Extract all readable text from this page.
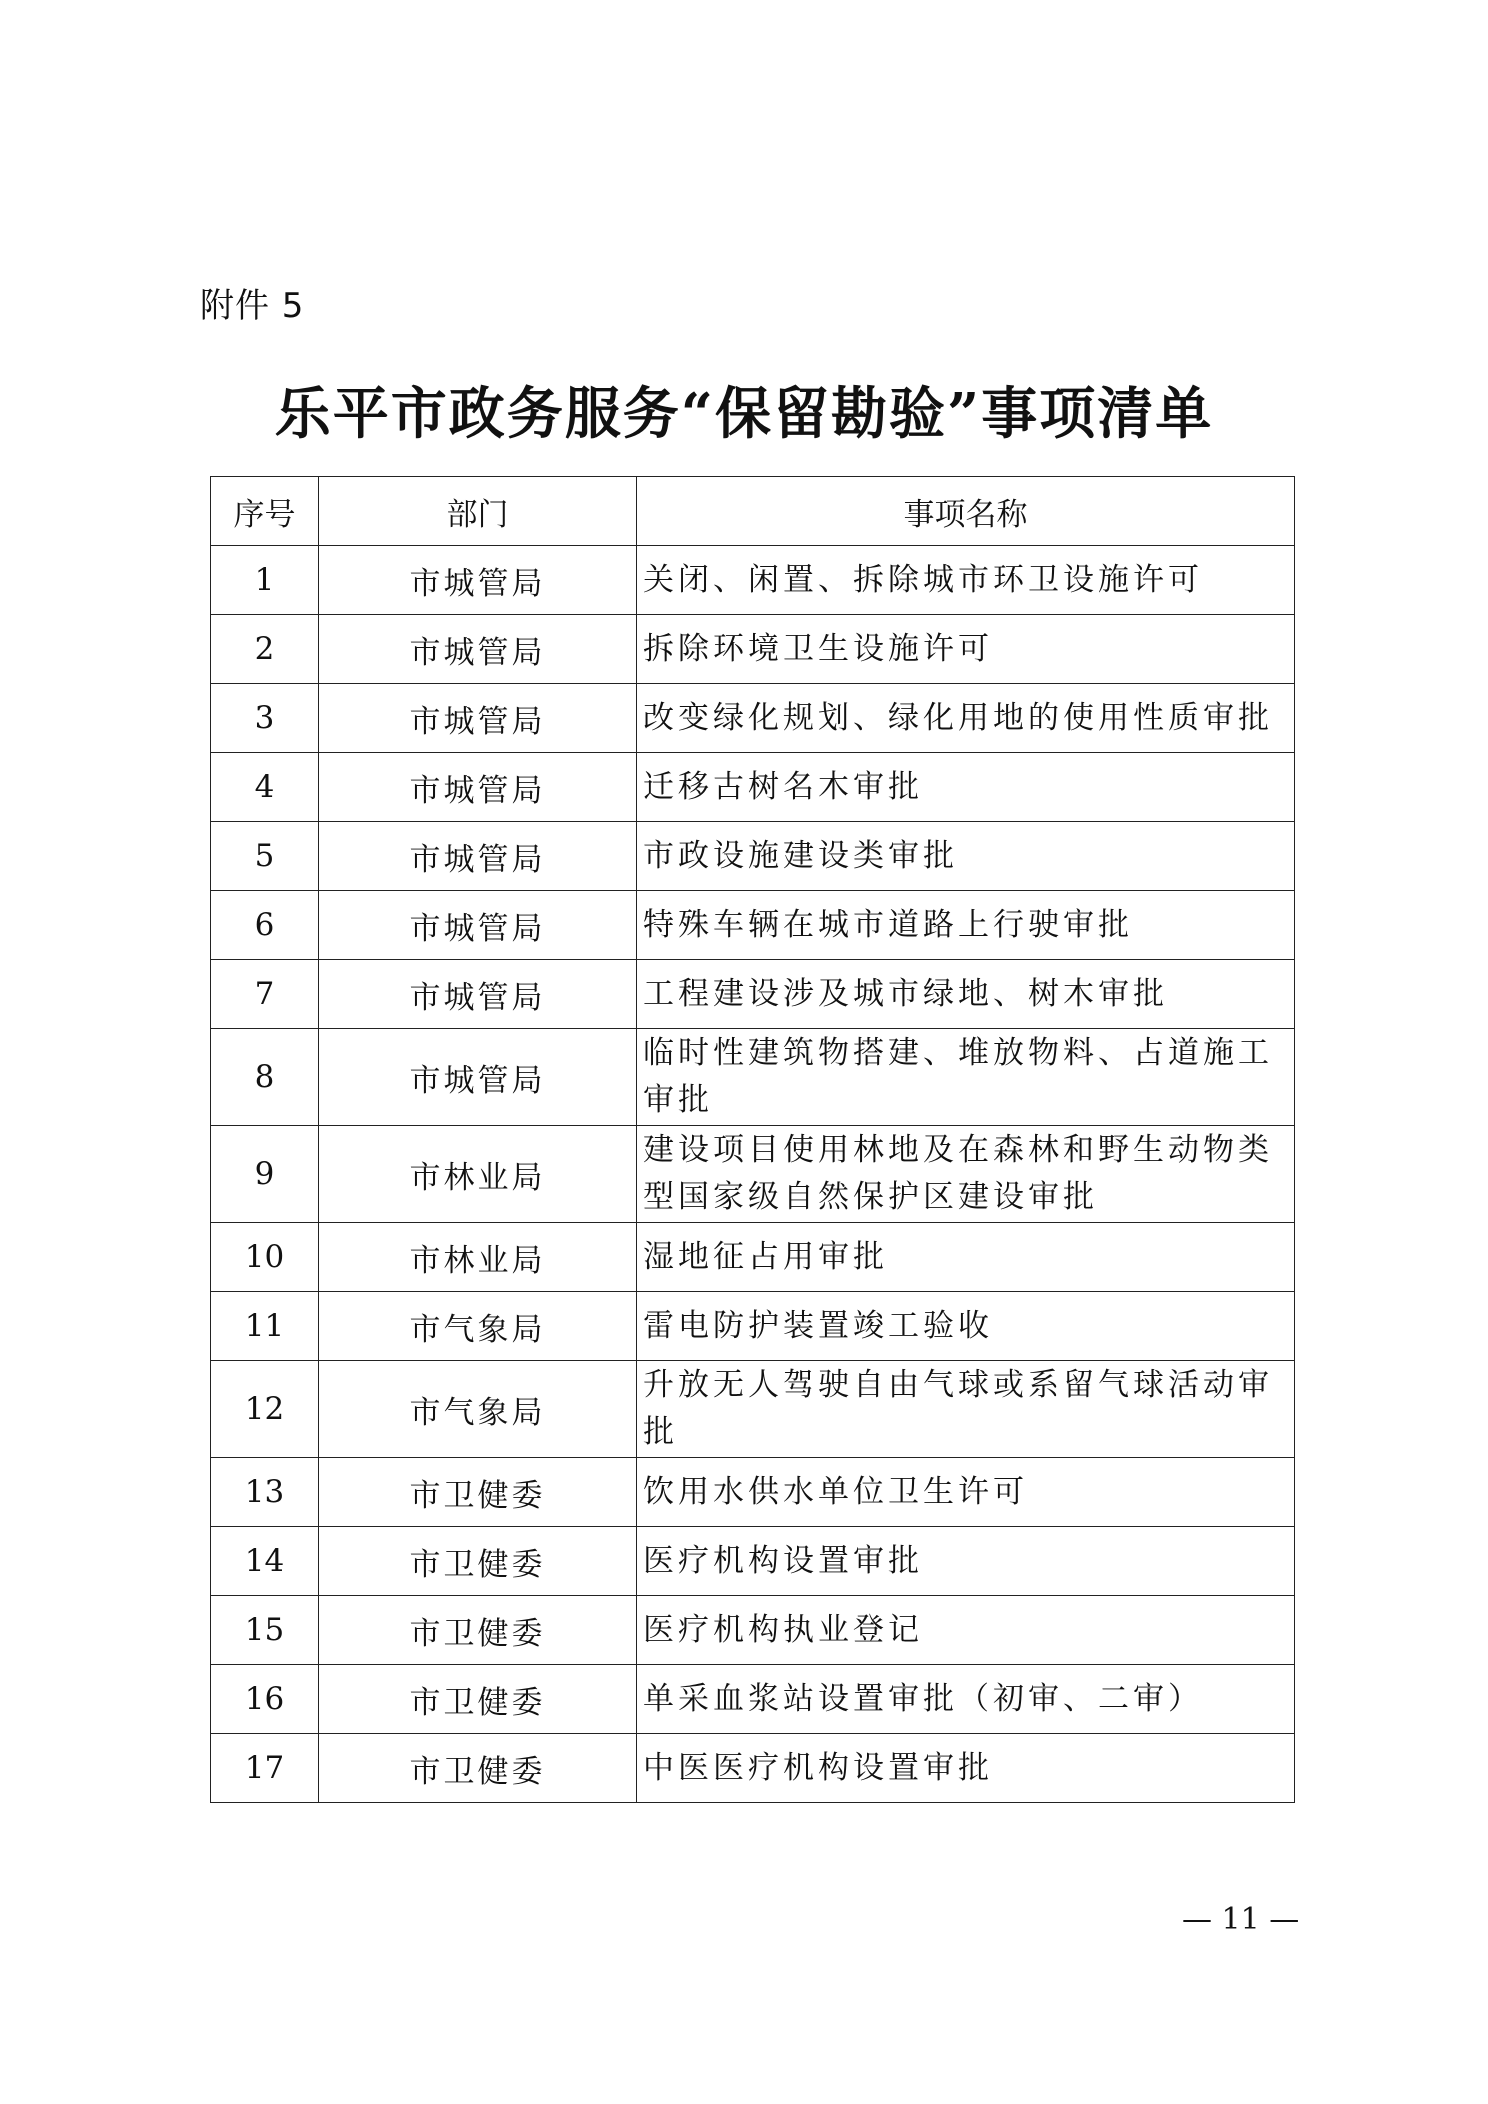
附件 5
乐平市政务服务“保留勘验”事项清单
序号	部门	事项名称
1	市城管局	关闭、闲置、拆除城市环卫设施许可
2	市城管局	拆除环境卫生设施许可
3	市城管局	改变绿化规划、绿化用地的使用性质审批
4	市城管局	迁移古树名木审批
5	市城管局	市政设施建设类审批
6	市城管局	特殊车辆在城市道路上行驶审批
7	市城管局	工程建设涉及城市绿地、树木审批
8	市城管局	临时性建筑物搭建、堆放物料、占道施工审批
9	市林业局	建设项目使用林地及在森林和野生动物类型国家级自然保护区建设审批
10	市林业局	湿地征占用审批
11	市气象局	雷电防护装置竣工验收
12	市气象局	升放无人驾驶自由气球或系留气球活动审批
13	市卫健委	饮用水供水单位卫生许可
14	市卫健委	医疗机构设置审批
15	市卫健委	医疗机构执业登记
16	市卫健委	单采血浆站设置审批（初审、二审）
17	市卫健委	中医医疗机构设置审批
— 11 —
